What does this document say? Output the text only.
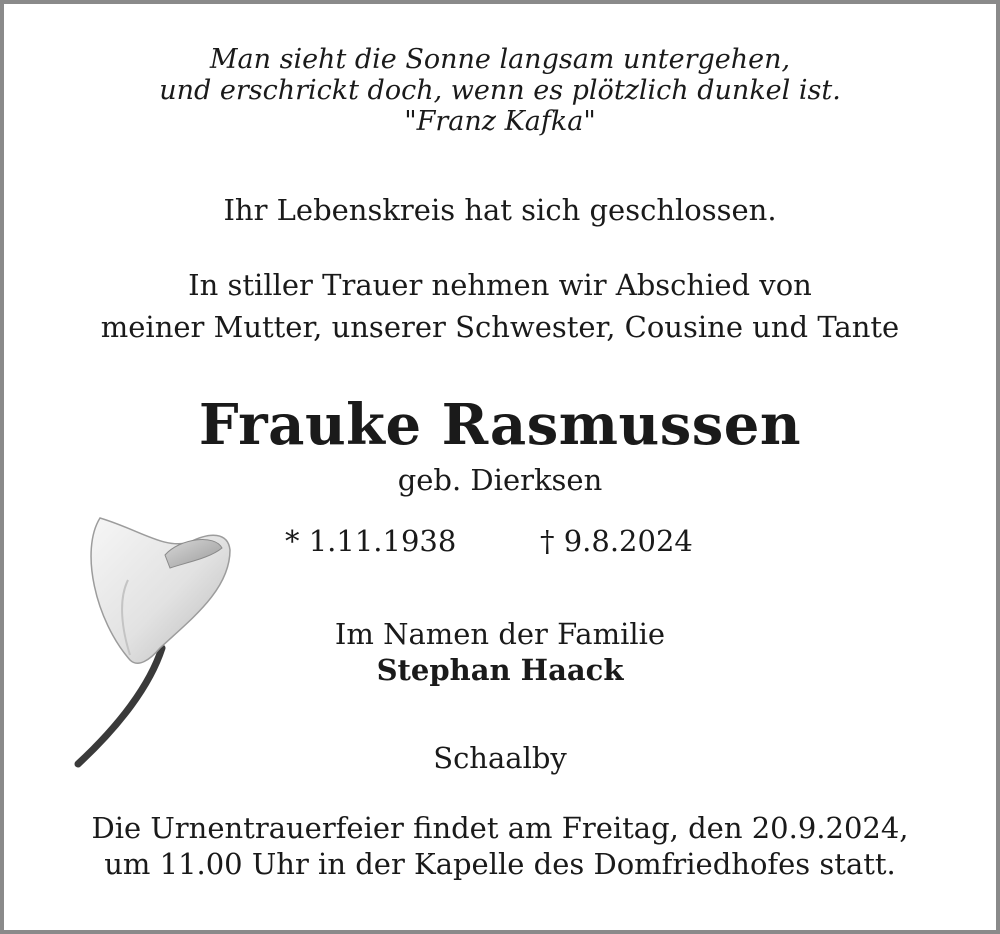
Man sieht die Sonne langsam untergehen,
und erschrickt doch, wenn es plötzlich dunkel ist.
"Franz Kafka"
Ihr Lebenskreis hat sich geschlossen.
In stiller Trauer nehmen wir Abschied von
meiner Mutter, unserer Schwester, Cousine und Tante
Frauke Rasmussen
geb. Dierksen
* 1.11.1938	† 9.8.2024
Im Namen der Familie
Stephan Haack
Schaalby
Die Urnentrauerfeier findet am Freitag, den 20.9.2024,
um 11.00 Uhr in der Kapelle des Domfriedhofes statt.
